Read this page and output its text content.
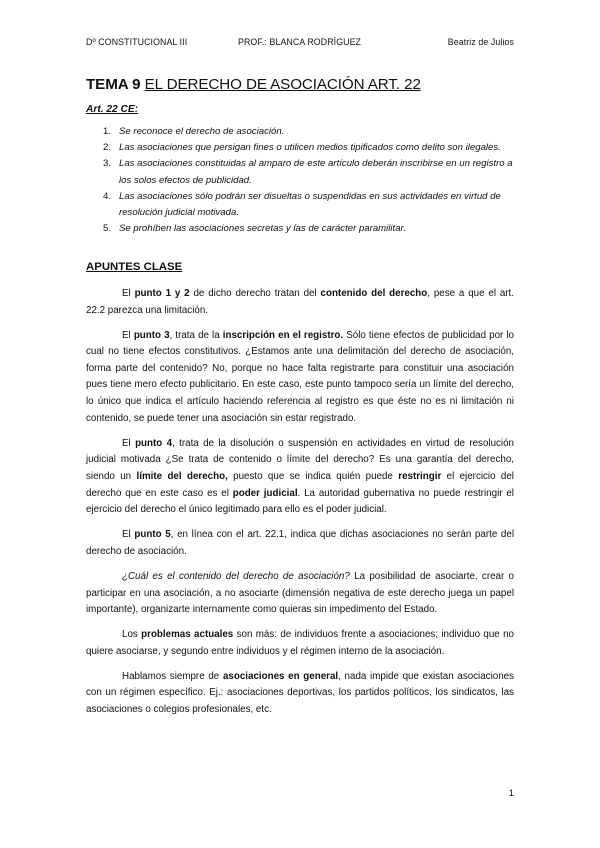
Dº CONSTITUCIONAL III	PROF.: BLANCA RODRÍGUEZ	Beatriz de Julios
TEMA 9 EL DERECHO DE ASOCIACIÓN ART. 22
Art. 22 CE:
1. Se reconoce el derecho de asociación.
2. Las asociaciones que persigan fines o utilicen medios tipificados como delito son ilegales.
3. Las asociaciones constituidas al amparo de este artículo deberán inscribirse en un registro a los solos efectos de publicidad.
4. Las asociaciones sólo podrán ser disueltas o suspendidas en sus actividades en virtud de resolución judicial motivada.
5. Se prohíben las asociaciones secretas y las de carácter paramilitar.
APUNTES CLASE

El punto 1 y 2 de dicho derecho tratan del contenido del derecho, pese a que el art. 22.2 parezca una limitación.

El punto 3, trata de la inscripción en el registro. Sólo tiene efectos de publicidad por lo cual no tiene efectos constitutivos. ¿Estamos ante una delimitación del derecho de asociación, forma parte del contenido? No, porque no hace falta registrarte para constituir una asociación pues tiene mero efecto publicitario. En este caso, este punto tampoco sería un límite del derecho, lo único que indica el artículo haciendo referencia al registro es que éste no es ni limitación ni contenido, se puede tener una asociación sin estar registrado.

El punto 4, trata de la disolución o suspensión en actividades en virtud de resolución judicial motivada ¿Se trata de contenido o límite del derecho? Es una garantía del derecho, siendo un límite del derecho, puesto que se indica quién puede restringir el ejercicio del derecho que en este caso es el poder judicial. La autoridad gubernativa no puede restringir el ejercicio del derecho el único legitimado para ello es el poder judicial.

El punto 5, en línea con el art. 22.1, indica que dichas asociaciones no serán parte del derecho de asociación.

¿Cuál es el contenido del derecho de asociación? La posibilidad de asociarte, crear o participar en una asociación, a no asociarte (dimensión negativa de este derecho juega un papel importante), organizarte internamente como quieras sin impedimento del Estado.

Los problemas actuales son más: de individuos frente a asociaciones; individuo que no quiere asociarse, y segundo entre individuos y el régimen interno de la asociación.

Hablamos siempre de asociaciones en general, nada impide que existan asociaciones con un régimen específico. Ej.: asociaciones deportivas, los partidos políticos, los sindicatos, las asociaciones o colegios profesionales, etc.

1
